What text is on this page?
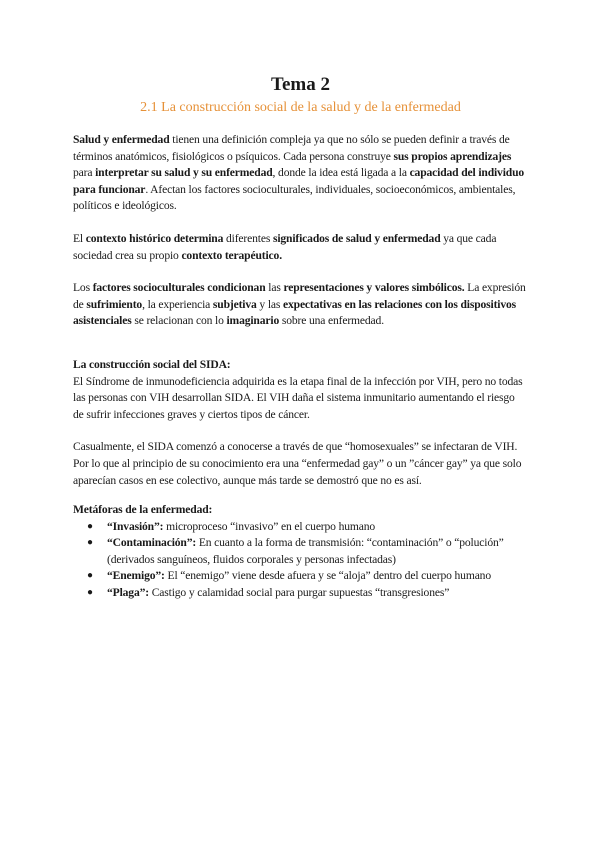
Tema 2
2.1 La construcción social de la salud y de la enfermedad

Salud y enfermedad tienen una definición compleja ya que no sólo se pueden definir a través de términos anatómicos, fisiológicos o psíquicos. Cada persona construye sus propios aprendizajes para interpretar su salud y su enfermedad, donde la idea está ligada a la capacidad del individuo para funcionar. Afectan los factores socioculturales, individuales, socioeconómicos, ambientales, políticos e ideológicos.

El contexto histórico determina diferentes significados de salud y enfermedad ya que cada sociedad crea su propio contexto terapéutico.

Los factores socioculturales condicionan las representaciones y valores simbólicos. La expresión de sufrimiento, la experiencia subjetiva y las expectativas en las relaciones con los dispositivos asistenciales se relacionan con lo imaginario sobre una enfermedad.

La construcción social del SIDA:

El Síndrome de inmunodeficiencia adquirida es la etapa final de la infección por VIH, pero no todas las personas con VIH desarrollan SIDA. El VIH daña el sistema inmunitario aumentando el riesgo de sufrir infecciones graves y ciertos tipos de cáncer.

Casualmente, el SIDA comenzó a conocerse a través de que “homosexuales” se infectaran de VIH. Por lo que al principio de su conocimiento era una “enfermedad gay” o un ”cáncer gay” ya que solo aparecían casos en ese colectivo, aunque más tarde se demostró que no es así.

Metáforas de la enfermedad:

● “Invasión”: microproceso “invasivo” en el cuerpo humano
● “Contaminación”: En cuanto a la forma de transmisión: “contaminación” o “polución” (derivados sanguíneos, fluidos corporales y personas infectadas)
● “Enemigo”: El “enemigo” viene desde afuera y se “aloja” dentro del cuerpo humano
● “Plaga”: Castigo y calamidad social para purgar supuestas “transgresiones”
